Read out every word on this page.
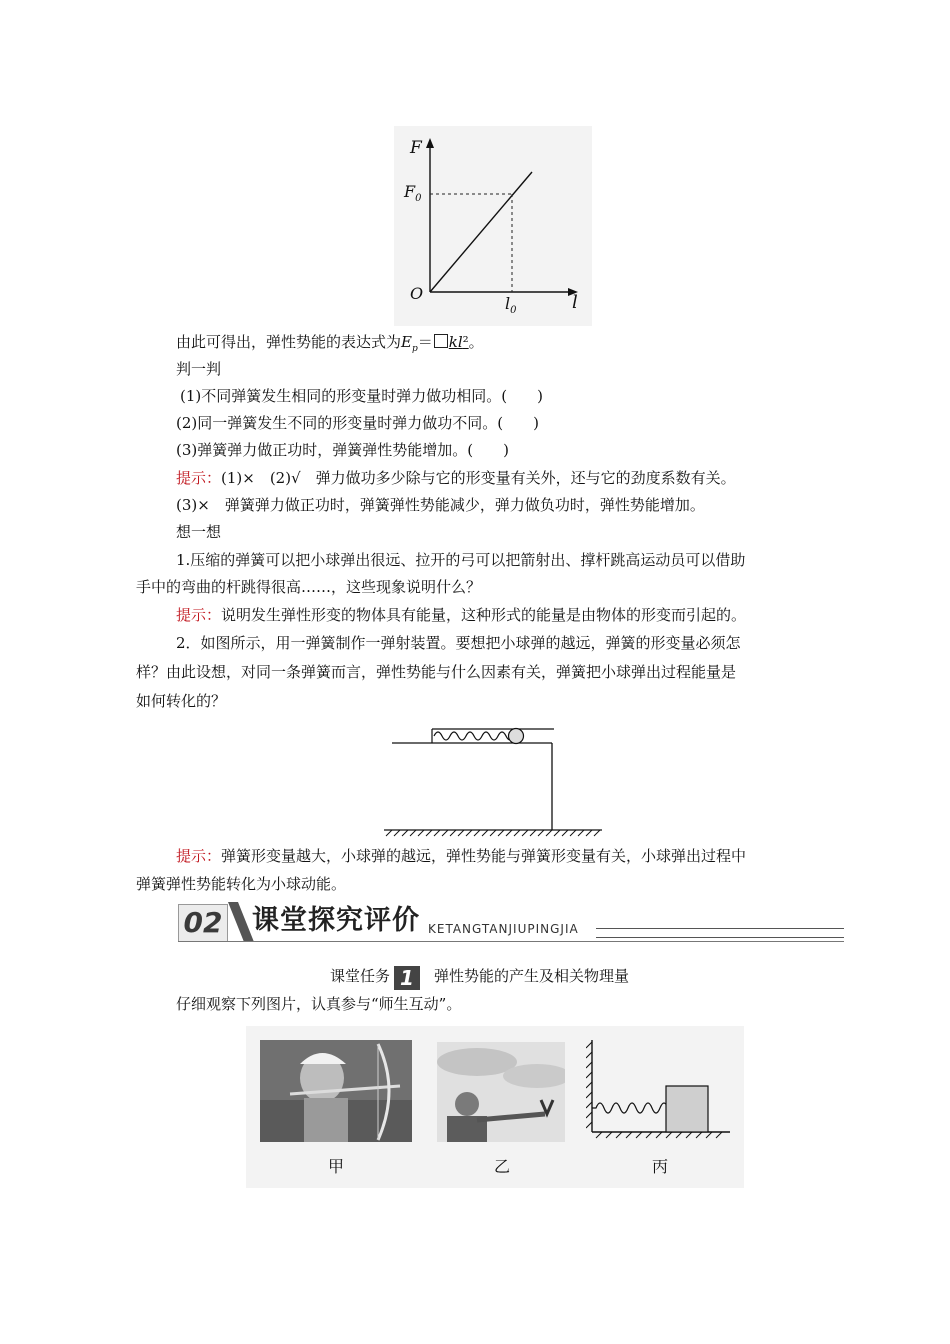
F
$F_0$
O
$l_0$	l
由此可得出，弹性势能的表达式为$E_p= kl^2$。
判一判
(1)不同弹簧发生相同的形变量时弹力做功相同。(　　)
(2)同一弹簧发生不同的形变量时弹力做功不同。(　　)
(3)弹簧弹力做正功时，弹簧弹性势能增加。(　　)
提示：(1)×　(2)√　弹力做功多少除与它的形变量有关外，还与它的劲度系数有关。
(3)×　弹簧弹力做正功时，弹簧弹性势能减少，弹力做负功时，弹性势能增加。
想一想
1.压缩的弹簧可以把小球弹出很远、拉开的弓可以把箭射出、撑杆跳高运动员可以借助
手中的弯曲的杆跳得很高……，这些现象说明什么？
提示：说明发生弹性形变的物体具有能量，这种形式的能量是由物体的形变而引起的。
2．如图所示，用一弹簧制作一弹射装置。要想把小球弹的越远，弹簧的形变量必须怎
样？由此设想，对同一条弹簧而言，弹性势能与什么因素有关，弹簧把小球弹出过程能量是
如何转化的？
提示：弹簧形变量越大，小球弹的越远，弹性势能与弹簧形变量有关，小球弹出过程中
弹簧弹性势能转化为小球动能。
02 课堂探究评价 KETANGTANJIUPINGJIA
课堂任务 1 弹性势能的产生及相关物理量
仔细观察下列图片，认真参与“师生互动”。
甲	乙	丙
